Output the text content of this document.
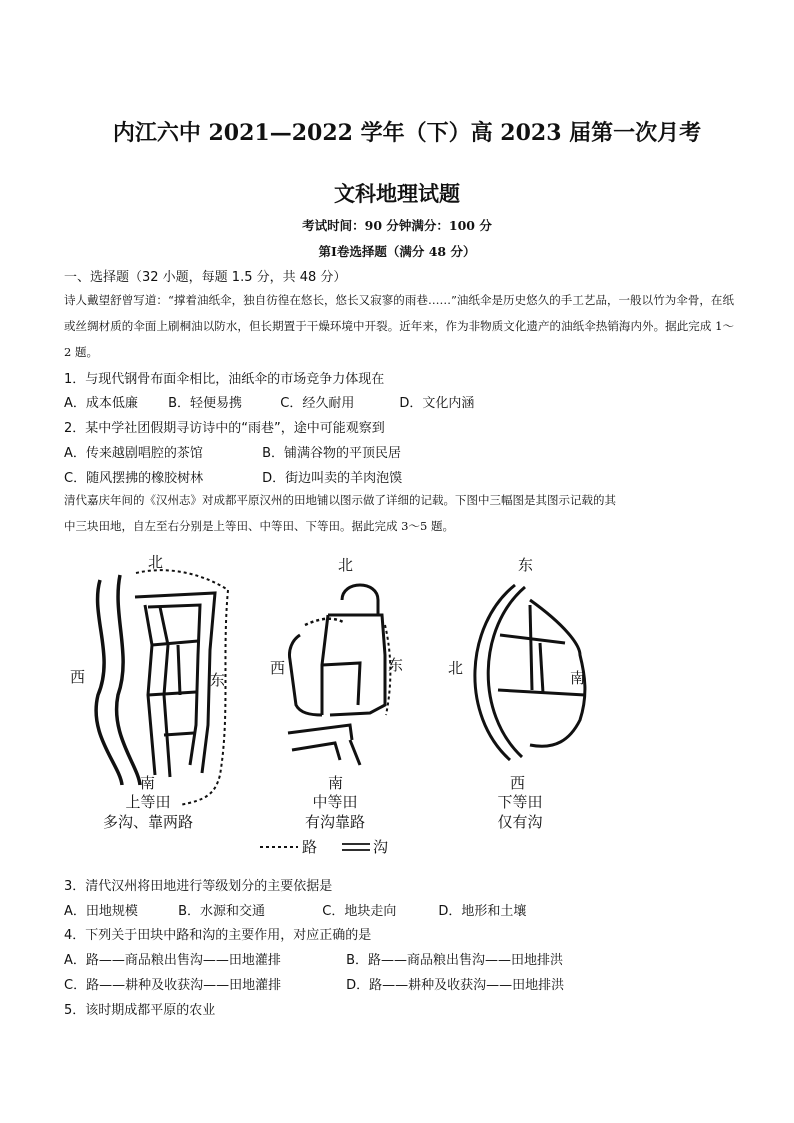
内江六中 2021—2022 学年（下）高 2023 届第一次月考
文科地理试题
考试时间：90 分钟满分：100 分
第Ⅰ卷选择题（满分 48 分）
一、选择题（32 小题，每题 1.5 分，共 48 分）
诗人戴望舒曾写道：“撑着油纸伞，独自彷徨在悠长，悠长又寂寥的雨巷……”油纸伞是历史悠久的手工艺品，一般以竹为伞骨，在纸或丝绸材质的伞面上刷桐油以防水，但长期置于干燥环境中开裂。近年来，作为非物质文化遗产的油纸伞热销海内外。据此完成 1～2 题。
1．与现代钢骨布面伞相比，油纸伞的市场竞争力体现在
A．成本低廉 B．轻便易携	C．经久耐用	D．文化内涵
2．某中学社团假期寻访诗中的“雨巷”，途中可能观察到
A．传来越剧唱腔的茶馆	B．铺满谷物的平顶民居
C．随风摆拂的橡胶树林	D．街边叫卖的羊肉泡馍
清代嘉庆年间的《汉州志》对成都平原汉州的田地铺以图示做了详细的记载。下图中三幅图是其图示记载的其
中三块田地，自左至右分别是上等田、中等田、下等田。据此完成 3～5 题。
北
西	东
南
上等田
多沟、靠两路
北
西	东
南
中等田
有沟靠路
东
北
南
西
下等田
仅有沟
路	沟
3．清代汉州将田地进行等级划分的主要依据是
A．田地规模	B．水源和交通	C．地块走向	D．地形和土壤
4．下列关于田块中路和沟的主要作用，对应正确的是
A．路——商品粮出售沟——田地灌排	B．路——商品粮出售沟——田地排洪
C．路——耕种及收获沟——田地灌排	D．路——耕种及收获沟——田地排洪
5．该时期成都平原的农业
